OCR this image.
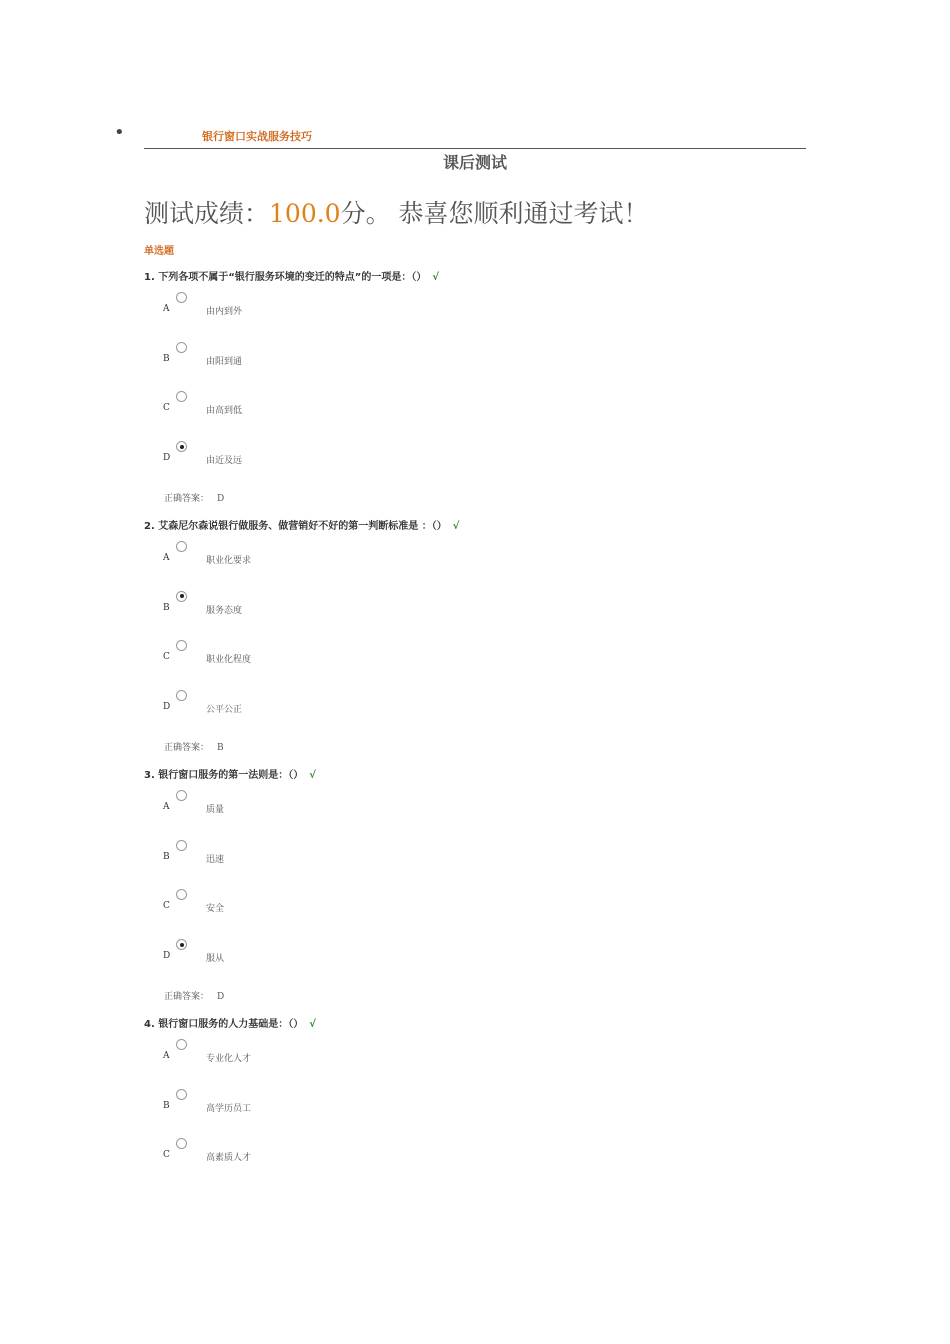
•	银行窗口实战服务技巧
课后测试
测试成绩：100.0分。 恭喜您顺利通过考试！
单选题
1. 下列各项不属于“银行服务环境的变迁的特点”的一项是：（） √
A	由内到外
B	由阳到通
C	由高到低
D	由近及远
正确答案： D
2. 艾森尼尔森说银行做服务、做营销好不好的第一判断标准是 ：（） √
A	职业化要求
B	服务态度
C	职业化程度
D	公平公正
正确答案： B
3. 银行窗口服务的第一法则是：（） √
A	质量
B	迅速
C	安全
D	服从
正确答案： D
4. 银行窗口服务的人力基础是：（） √
A	专业化人才
B	高学历员工
C	高素质人才
